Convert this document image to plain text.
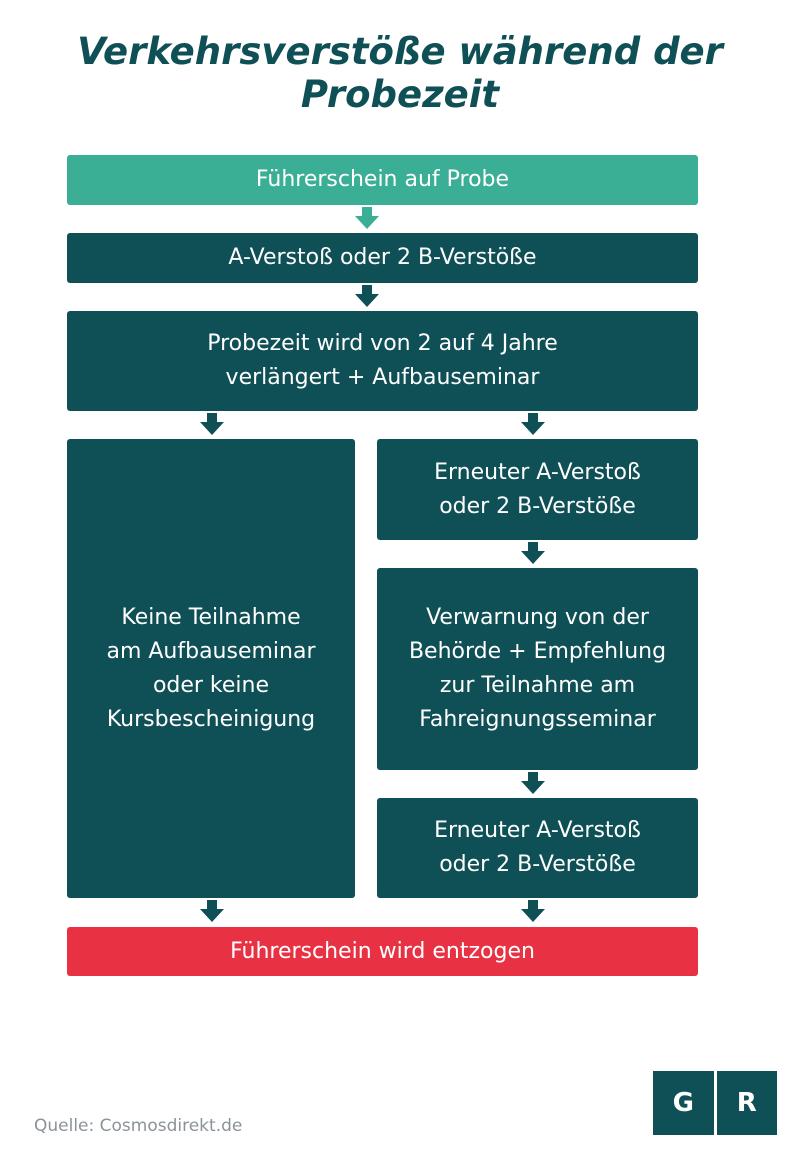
Verkehrsverstöße während der Probezeit
Führerschein auf Probe
A-Verstoß oder 2 B-Verstöße
Probezeit wird von 2 auf 4 Jahre
verlängert + Aufbauseminar
Keine Teilnahme
am Aufbauseminar
oder keine
Kursbescheinigung
Erneuter A-Verstoß
oder 2 B-Verstöße
Verwarnung von der
Behörde + Empfehlung
zur Teilnahme am
Fahreignungsseminar
Erneuter A-Verstoß
oder 2 B-Verstöße
Führerschein wird entzogen
Quelle: Cosmosdirekt.de
G	R
